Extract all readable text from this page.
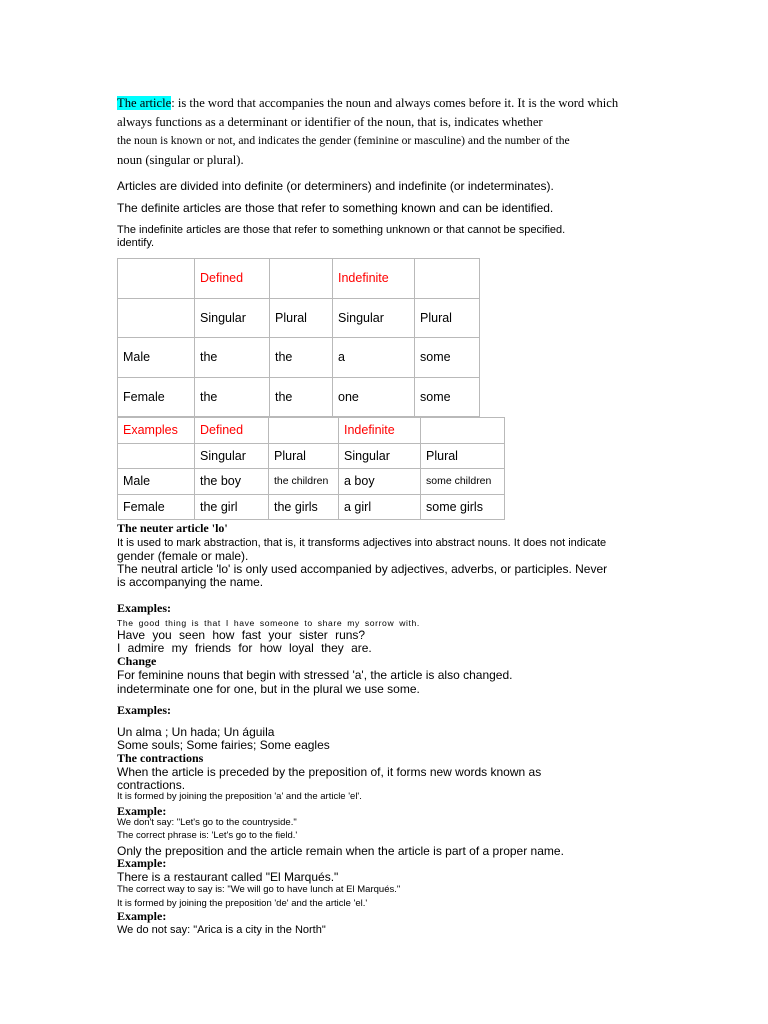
The article: is the word that accompanies the noun and always comes before it. It is the word which always functions as a determinant or identifier of the noun, that is, indicates whether
the noun is known or not, and indicates the gender (feminine or masculine) and the number of the
noun (singular or plural).

Articles are divided into definite (or determiners) and indefinite (or indeterminates).

The definite articles are those that refer to something known and can be identified.

The indefinite articles are those that refer to something unknown or that cannot be specified.

identify.

	Defined		Indefinite	
	Singular	Plural	Singular	Plural
Male	the	the	a	some
Female	the	the	one	some
Examples	Defined		Indefinite	
	Singular	Plural	Singular	Plural
Male	the boy	the children	a boy	some children
Female	the girl	the girls	a girl	some girls

The neuter article 'lo'

It is used to mark abstraction, that is, it transforms adjectives into abstract nouns. It does not indicate

gender (female or male).

The neutral article 'lo' is only used accompanied by adjectives, adverbs, or participles. Never

is accompanying the name.

Examples:

The good thing is that I have someone to share my sorrow with.

Have you seen how fast your sister runs?

I admire my friends for how loyal they are.

Change

For feminine nouns that begin with stressed 'a', the article is also changed.

indeterminate one for one, but in the plural we use some.

Examples:

Un alma ; Un hada; Un águila

Some souls; Some fairies; Some eagles

The contractions

When the article is preceded by the preposition of, it forms new words known as

contractions.

It is formed by joining the preposition 'a' and the article 'el'.

Example:

We don't say: "Let's go to the countryside."

The correct phrase is: 'Let's go to the field.'

Only the preposition and the article remain when the article is part of a proper name.

Example:

There is a restaurant called "El Marqués."

The correct way to say is: "We will go to have lunch at El Marqués."

It is formed by joining the preposition 'de' and the article 'el.'

Example:

We do not say: "Arica is a city in the North"
